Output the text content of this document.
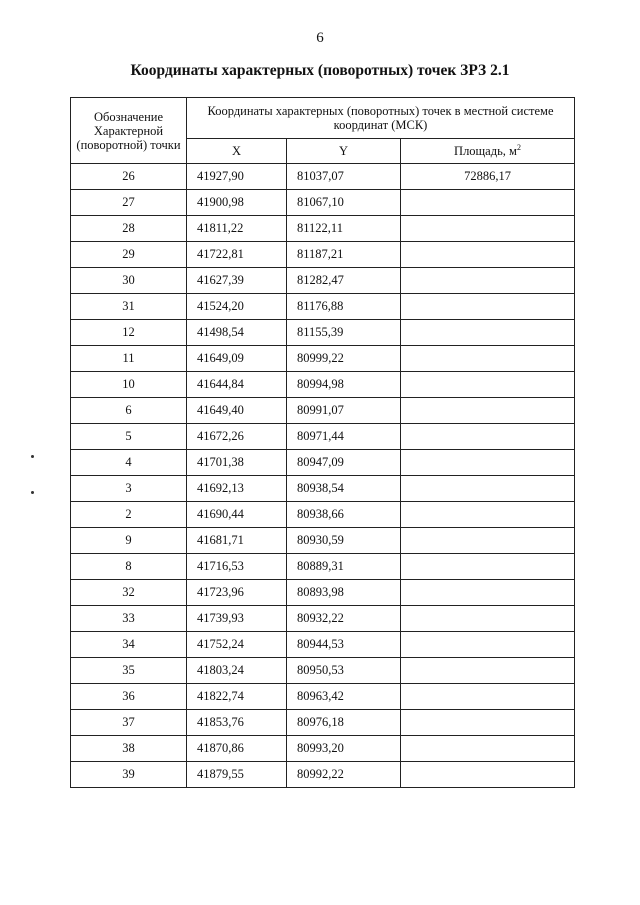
6
Координаты характерных (поворотных) точек ЗРЗ 2.1
Обозначение Характерной (поворотной) точки	Координаты характерных (поворотных) точек в местной системе координат (МСК)		
	X	Y	Площадь, $м^2$
26	41927,90	81037,07	72886,17
27	41900,98	81067,10	
28	41811,22	81122,11	
29	41722,81	81187,21	
30	41627,39	81282,47	
31	41524,20	81176,88	
12	41498,54	81155,39	
11	41649,09	80999,22	
10	41644,84	80994,98	
6	41649,40	80991,07	
5	41672,26	80971,44	
4	41701,38	80947,09	
3	41692,13	80938,54	
2	41690,44	80938,66	
9	41681,71	80930,59	
8	41716,53	80889,31	
32	41723,96	80893,98	
33	41739,93	80932,22	
34	41752,24	80944,53	
35	41803,24	80950,53	
36	41822,74	80963,42	
37	41853,76	80976,18	
38	41870,86	80993,20	
39	41879,55	80992,22	
